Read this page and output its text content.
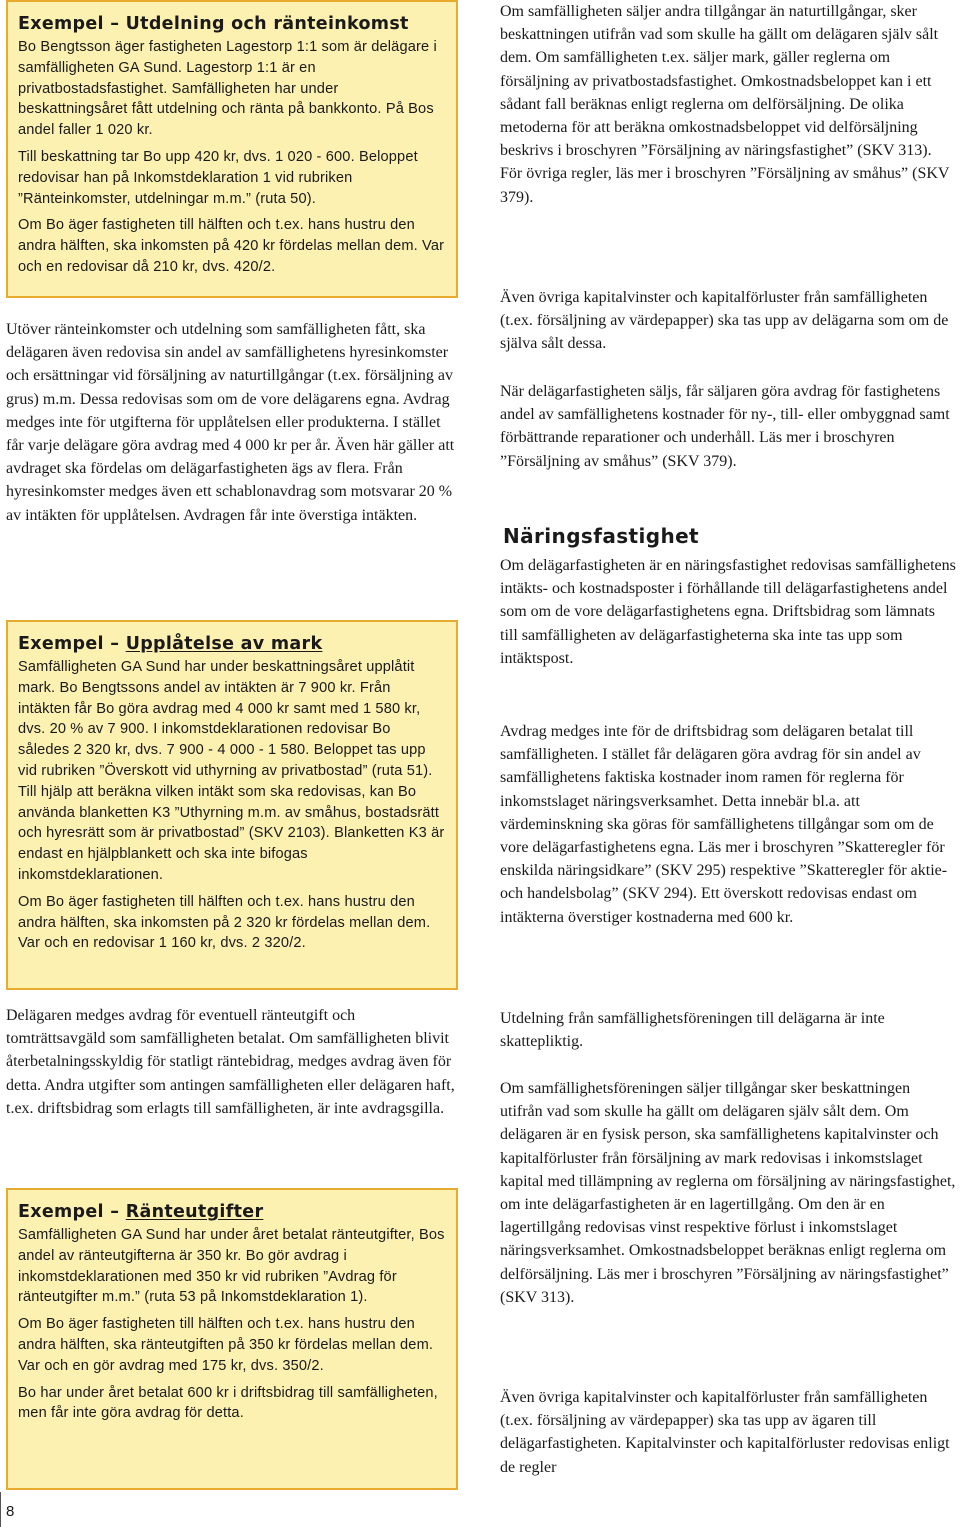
Exempel – Utdelning och ränteinkomst

Bo Bengtsson äger fastigheten Lagestorp 1:1 som är delägare i samfälligheten GA Sund. Lagestorp 1:1 är en privatbostadsfastighet. Samfälligheten har under beskattningsåret fått utdelning och ränta på bankkonto. På Bos andel faller 1 020 kr.

Till beskattning tar Bo upp 420 kr, dvs. 1 020 - 600. Beloppet redovisar han på Inkomstdeklaration 1 vid rubriken ”Ränteinkomster, utdelningar m.m.” (ruta 50).

Om Bo äger fastigheten till hälften och t.ex. hans hustru den andra hälften, ska inkomsten på 420 kr fördelas mellan dem. Var och en redovisar då 210 kr, dvs. 420/2.

Utöver ränteinkomster och utdelning som samfälligheten fått, ska delägaren även redovisa sin andel av samfällighetens hyresinkomster och ersättningar vid försäljning av naturtillgångar (t.ex. försäljning av grus) m.m. Dessa redovisas som om de vore delägarens egna. Avdrag medges inte för utgifterna för upplåtelsen eller produkterna. I stället får varje delägare göra avdrag med 4 000 kr per år. Även här gäller att avdraget ska fördelas om delägarfastigheten ägs av flera. Från hyresinkomster medges även ett schablonavdrag som motsvarar 20 % av intäkten för upplåtelsen. Avdragen får inte överstiga intäkten.

Exempel – Upplåtelse av mark

Samfälligheten GA Sund har under beskattningsåret upplåtit mark. Bo Bengtssons andel av intäkten är 7 900 kr. Från intäkten får Bo göra avdrag med 4 000 kr samt med 1 580 kr, dvs. 20 % av 7 900. I inkomstdeklarationen redovisar Bo således 2 320 kr, dvs. 7 900 - 4 000 - 1 580. Beloppet tas upp vid rubriken ”Överskott vid uthyrning av privatbostad” (ruta 51). Till hjälp att beräkna vilken intäkt som ska redovisas, kan Bo använda blanketten K3 ”Uthyrning m.m. av småhus, bostadsrätt och hyresrätt som är privatbostad” (SKV 2103). Blanketten K3 är endast en hjälpblankett och ska inte bifogas inkomstdeklarationen.

Om Bo äger fastigheten till hälften och t.ex. hans hustru den andra hälften, ska inkomsten på 2 320 kr fördelas mellan dem. Var och en redovisar 1 160 kr, dvs. 2 320/2.

Delägaren medges avdrag för eventuell ränteutgift och tomträttsavgäld som samfälligheten betalat. Om samfälligheten blivit återbetalningsskyldig för statligt räntebidrag, medges avdrag även för detta. Andra utgifter som antingen samfälligheten eller delägaren haft, t.ex. driftsbidrag som erlagts till samfälligheten, är inte avdragsgilla.

Exempel – Ränteutgifter

Samfälligheten GA Sund har under året betalat ränteutgifter, Bos andel av ränteutgifterna är 350 kr. Bo gör avdrag i inkomstdeklarationen med 350 kr vid rubriken ”Avdrag för ränteutgifter m.m.” (ruta 53 på Inkomstdeklaration 1).

Om Bo äger fastigheten till hälften och t.ex. hans hustru den andra hälften, ska ränteutgiften på 350 kr fördelas mellan dem. Var och en gör avdrag med 175 kr, dvs. 350/2.

Bo har under året betalat 600 kr i driftsbidrag till samfälligheten, men får inte göra avdrag för detta.

Om samfälligheten säljer andra tillgångar än naturtillgångar, sker beskattningen utifrån vad som skulle ha gällt om delägaren själv sålt dem. Om samfälligheten t.ex. säljer mark, gäller reglerna om försäljning av privatbostadsfastighet. Omkostnadsbeloppet kan i ett sådant fall beräknas enligt reglerna om delförsäljning. De olika metoderna för att beräkna omkostnadsbeloppet vid delförsäljning beskrivs i broschyren ”Försäljning av näringsfastighet” (SKV 313). För övriga regler, läs mer i broschyren ”Försäljning av småhus” (SKV 379).

Även övriga kapitalvinster och kapitalförluster från samfälligheten (t.ex. försäljning av värdepapper) ska tas upp av delägarna som om de själva sålt dessa.

När delägarfastigheten säljs, får säljaren göra avdrag för fastighetens andel av samfällighetens kostnader för ny-, till- eller ombyggnad samt förbättrande reparationer och underhåll. Läs mer i broschyren ”Försäljning av småhus” (SKV 379).

Näringsfastighet

Om delägarfastigheten är en näringsfastighet redovisas samfällighetens intäkts- och kostnadsposter i förhållande till delägarfastighetens andel som om de vore delägarfastighetens egna. Driftsbidrag som lämnats till samfälligheten av delägarfastigheterna ska inte tas upp som intäktspost.

Avdrag medges inte för de driftsbidrag som delägaren betalat till samfälligheten. I stället får delägaren göra avdrag för sin andel av samfällighetens faktiska kostnader inom ramen för reglerna för inkomstslaget näringsverksamhet. Detta innebär bl.a. att värdeminskning ska göras för samfällighetens tillgångar som om de vore delägarfastighetens egna. Läs mer i broschyren ”Skatteregler för enskilda näringsidkare” (SKV 295) respektive ”Skatteregler för aktie- och handelsbolag” (SKV 294). Ett överskott redovisas endast om intäkterna överstiger kostnaderna med 600 kr.

Utdelning från samfällighetsföreningen till delägarna är inte skattepliktig.

Om samfällighetsföreningen säljer tillgångar sker beskattningen utifrån vad som skulle ha gällt om delägaren själv sålt dem. Om delägaren är en fysisk person, ska samfällighetens kapitalvinster och kapitalförluster från försäljning av mark redovisas i inkomstslaget kapital med tillämpning av reglerna om försäljning av näringsfastighet, om inte delägarfastigheten är en lagertillgång. Om den är en lagertillgång redovisas vinst respektive förlust i inkomstslaget näringsverksamhet. Omkostnadsbeloppet beräknas enligt reglerna om delförsäljning. Läs mer i broschyren ”Försäljning av näringsfastighet” (SKV 313).

Även övriga kapitalvinster och kapitalförluster från samfälligheten (t.ex. försäljning av värdepapper) ska tas upp av ägaren till delägarfastigheten. Kapitalvinster och kapitalförluster redovisas enligt de regler

8
